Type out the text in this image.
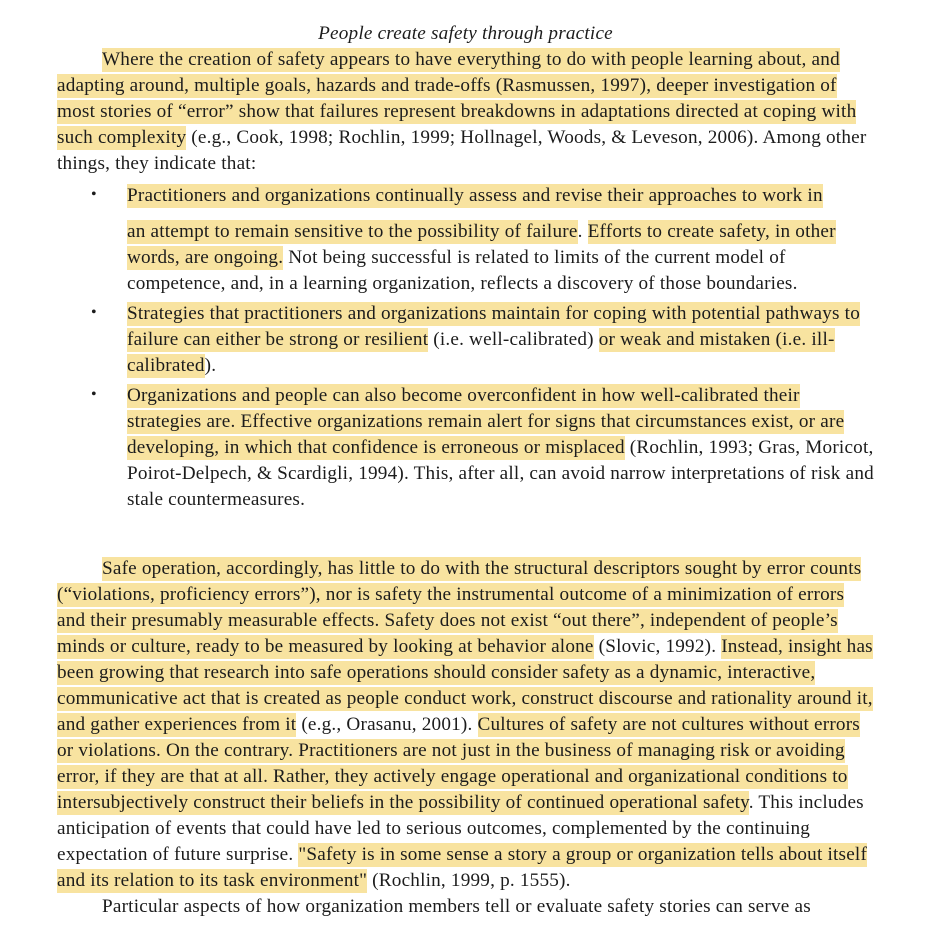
People create safety through practice

Where the creation of safety appears to have everything to do with people learning about, and adapting around, multiple goals, hazards and trade-offs (Rasmussen, 1997), deeper investigation of most stories of “error” show that failures represent breakdowns in adaptations directed at coping with such complexity (e.g., Cook, 1998; Rochlin, 1999; Hollnagel, Woods, & Leveson, 2006). Among other things, they indicate that:

• Practitioners and organizations continually assess and revise their approaches to work in
an attempt to remain sensitive to the possibility of failure. Efforts to create safety, in other words, are ongoing. Not being successful is related to limits of the current model of competence, and, in a learning organization, reflects a discovery of those boundaries.
• Strategies that practitioners and organizations maintain for coping with potential pathways to failure can either be strong or resilient (i.e. well-calibrated) or weak and mistaken (i.e. ill-calibrated).
• Organizations and people can also become overconfident in how well-calibrated their strategies are. Effective organizations remain alert for signs that circumstances exist, or are developing, in which that confidence is erroneous or misplaced (Rochlin, 1993; Gras, Moricot, Poirot-Delpech, & Scardigli, 1994). This, after all, can avoid narrow interpretations of risk and stale countermeasures.

Safe operation, accordingly, has little to do with the structural descriptors sought by error counts (“violations, proficiency errors”), nor is safety the instrumental outcome of a minimization of errors and their presumably measurable effects. Safety does not exist “out there”, independent of people’s minds or culture, ready to be measured by looking at behavior alone (Slovic, 1992). Instead, insight has been growing that research into safe operations should consider safety as a dynamic, interactive, communicative act that is created as people conduct work, construct discourse and rationality around it, and gather experiences from it (e.g., Orasanu, 2001). Cultures of safety are not cultures without errors or violations. On the contrary. Practitioners are not just in the business of managing risk or avoiding error, if they are that at all. Rather, they actively engage operational and organizational conditions to intersubjectively construct their beliefs in the possibility of continued operational safety. This includes anticipation of events that could have led to serious outcomes, complemented by the continuing expectation of future surprise. "Safety is in some sense a story a group or organization tells about itself and its relation to its task environment" (Rochlin, 1999, p. 1555).

Particular aspects of how organization members tell or evaluate safety stories can serve as
